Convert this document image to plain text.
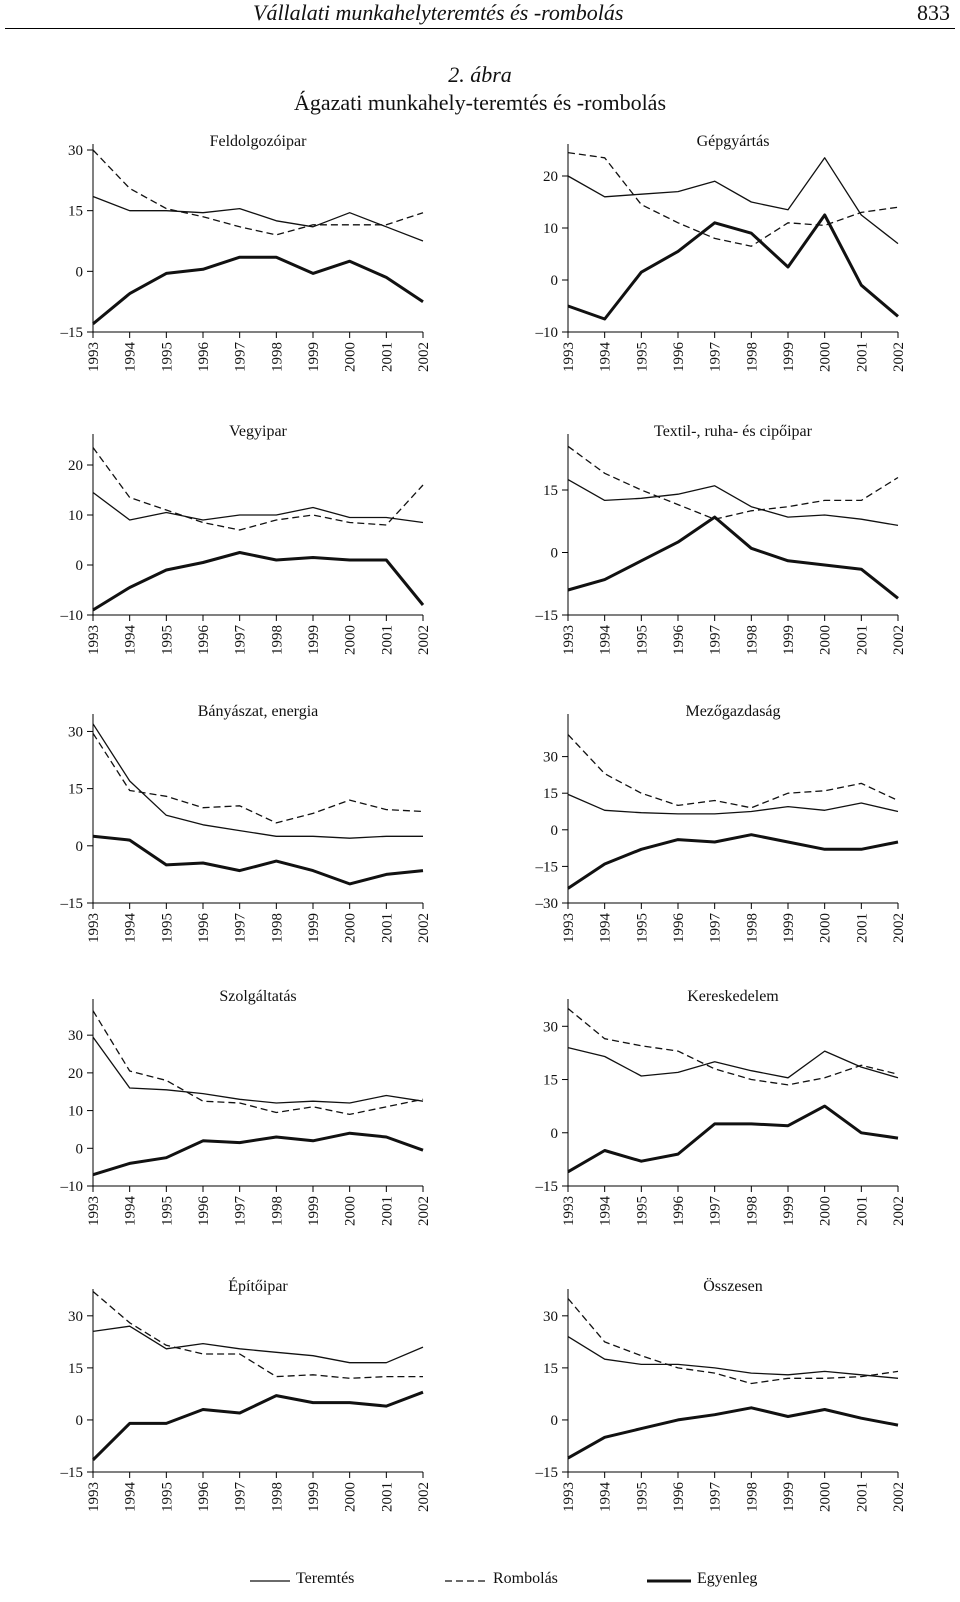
Vállalati munkahelyteremtés és -rombolás	833
2. ábra
Ágazati munkahely-teremtés és -rombolás
Feldolgozóipar
30
15
0
–15
1993 1994 1995 1996 1997 1998 1999 2000 2001 2002
Gépgyártás
20
10
0
–10
1993 1994 1995 1996 1997 1998 1999 2000 2001 2002
Vegyipar
20
10
0
–10
1993 1994 1995 1996 1997 1998 1999 2000 2001 2002
Textil-, ruha- és cipőipar
15
0
–15
1993 1994 1995 1996 1997 1998 1999 2000 2001 2002
Bányászat, energia
30
15
0
–15
1993 1994 1995 1996 1997 1998 1999 2000 2001 2002
Mezőgazdaság
30
15
0
–15
–30
1993 1994 1995 1996 1997 1998 1999 2000 2001 2002
Szolgáltatás
30
20
10
0
–10
1993 1994 1995 1996 1997 1998 1999 2000 2001 2002
Kereskedelem
30
15
0
–15
1993 1994 1995 1996 1997 1998 1999 2000 2001 2002
Építőipar
30
15
0
–15
1993 1994 1995 1996 1997 1998 1999 2000 2001 2002
Összesen
30
15
0
–15
1993 1994 1995 1996 1997 1998 1999 2000 2001 2002
Teremtés	Rombolás	Egyenleg
